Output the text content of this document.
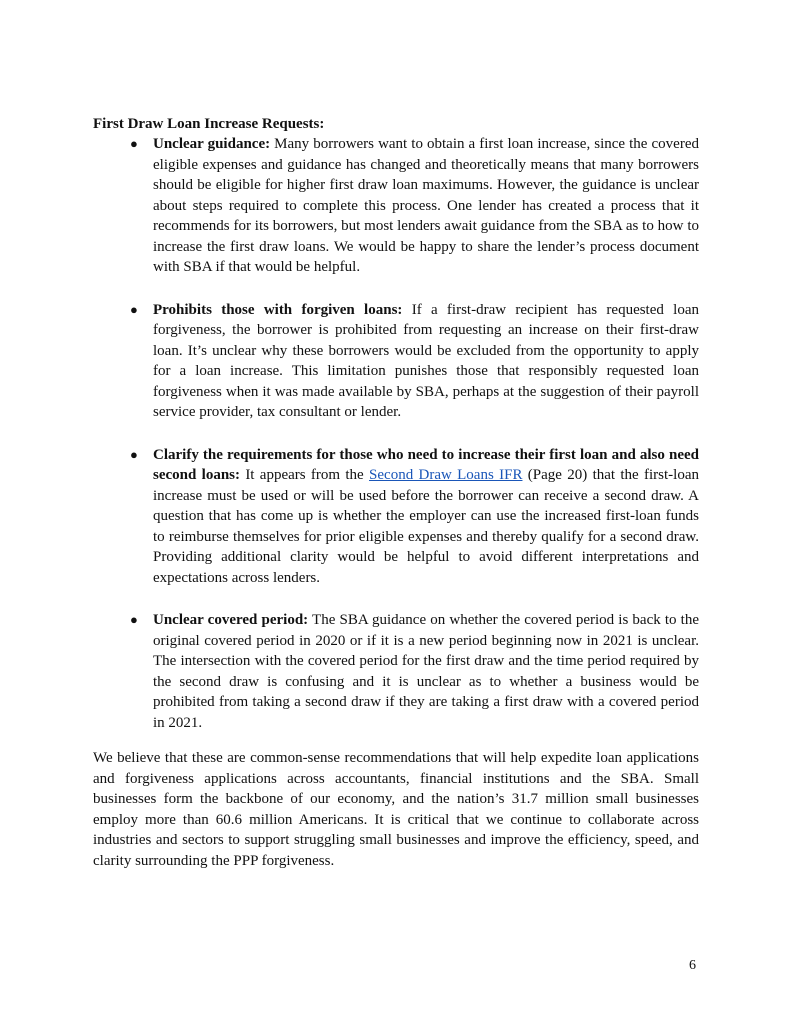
First Draw Loan Increase Requests:
● Unclear guidance: Many borrowers want to obtain a first loan increase, since the covered eligible expenses and guidance has changed and theoretically means that many borrowers should be eligible for higher first draw loan maximums. However, the guidance is unclear about steps required to complete this process. One lender has created a process that it recommends for its borrowers, but most lenders await guidance from the SBA as to how to increase the first draw loans. We would be happy to share the lender’s process document with SBA if that would be helpful.
● Prohibits those with forgiven loans: If a first-draw recipient has requested loan forgiveness, the borrower is prohibited from requesting an increase on their first-draw loan. It’s unclear why these borrowers would be excluded from the opportunity to apply for a loan increase. This limitation punishes those that responsibly requested loan forgiveness when it was made available by SBA, perhaps at the suggestion of their payroll service provider, tax consultant or lender.
● Clarify the requirements for those who need to increase their first loan and also need second loans: It appears from the Second Draw Loans IFR (Page 20) that the first-loan increase must be used or will be used before the borrower can receive a second draw. A question that has come up is whether the employer can use the increased first-loan funds to reimburse themselves for prior eligible expenses and thereby qualify for a second draw. Providing additional clarity would be helpful to avoid different interpretations and expectations across lenders.
● Unclear covered period: The SBA guidance on whether the covered period is back to the original covered period in 2020 or if it is a new period beginning now in 2021 is unclear. The intersection with the covered period for the first draw and the time period required by the second draw is confusing and it is unclear as to whether a business would be prohibited from taking a second draw if they are taking a first draw with a covered period in 2021.

We believe that these are common-sense recommendations that will help expedite loan applications and forgiveness applications across accountants, financial institutions and the SBA. Small businesses form the backbone of our economy, and the nation’s 31.7 million small businesses employ more than 60.6 million Americans. It is critical that we continue to collaborate across industries and sectors to support struggling small businesses and improve the efficiency, speed, and clarity surrounding the PPP forgiveness.

6
